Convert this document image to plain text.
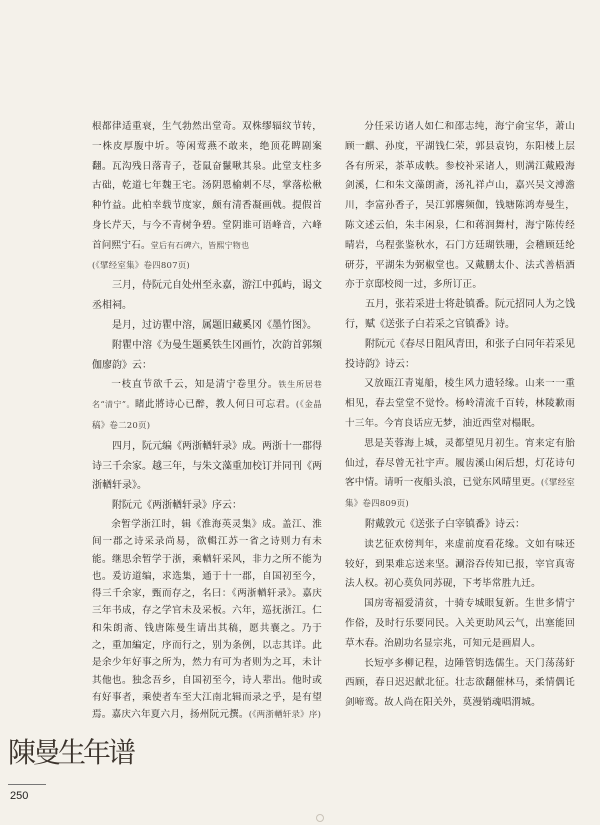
根都律适重衰，生气勃然出堂奇。双株缪辐纹节转，一株皮厚腹中圻。等闲莺燕不敢来，绝顶花睥剧案翻。瓦沟残日落青子，苍鼠奋鬣啾其泉。此堂支柱多古础，乾道七年魏王宅。汤阴恩榆刺不尽，掌落松楸种竹益。此柏幸载节度家，颇有清香凝画戟。提假首身长芹天，与今不青树争碧。堂阴谁可语峰音，六峰首问熙宁石。堂后有石碑六，皆熙宁物也

(《揅经室集》卷四807页)

三月，侍阮元自处州至永嘉，游江中孤屿，谒文丞相祠。

是月，过访瞿中溶，属题旧藏奚冈《墨竹图》。

附瞿中溶《为曼生题奚铁生冈画竹，次韵首郭频伽廖韵》云：

一枝直节欲千云，知是清宁卷里分。铁生所居巷名“清宁”。睹此將诗心已醉，教人何日可忘君。(《金晶稿》卷二20页)

四月，阮元编《两浙輶轩录》成。两浙十一郡得诗三千余家。越三年，与朱文藻重加校订并同刊《两浙輶轩录》。

附阮元《两浙輶轩录》序云：

余暂学浙江时，辑《淮海英灵集》成。盖江、淮间一郡之诗采录尚易，欲輯江苏一省之诗则力有未能。继思余暂学于浙，乘輶轩采风，非力之所不能为也。爰访道编，求选集，通于十一郡，自国初至今，得三千余家，甄而存之，名曰：《两浙輶轩录》。嘉庆三年书成，存之学官未及采板。六年，巡抚浙江。仁和朱朗斋、钱唐陈曼生请出其稿，愿共襄之。乃于之，重加編定，序而行之，别为条例，以志其详。此是余少年好事之所为，然力有可为者则为之耳，未计其他也。独念吾乡，自国初至今，诗人辈出。他时或有好事者，乘使者车至大江南北辑而录之乎，是有望焉。嘉庆六年夏六月，扬州阮元撰。(《两浙輶轩录》序)

分任采访诸人如仁和邵志纯，海宁俞宝华，萧山顾一麒、孙度，平湖钱仁荣，郭县袁钧，东阳楼上层各有所采，茶革成帙。参校补采诸人，则满江戴殿海剑溪，仁和朱文藻朗斋，汤礼祥卢山，嘉兴吴文溥澹川，李富孙香子，吴江郭麐频伽，钱塘陈鸿寿曼生，陈文述云伯，朱丰闲泉，仁和蒋润舞村，海宁陈传经晴岩，乌程张鉴秋水，石门方廷瑚铁珊，会稽顾廷纶研芬，平湖朱为弼椒堂也。又戴鹏太仆、法式善梧酒亦于京邸校阅一过，多所订正。

五月，张若采进士将赴镇番。阮元招同人为之饯行，赋《送张子白若采之官镇番》诗。

附阮元《春尽日阻风青田，和张子白同年若采见投诗韵》诗云：

又放瓯江青嵬船，棱生风力遗轻缘。山来一一重相见，春去堂堂不觉怜。杨岭清流千百转，林陵歉雨十三年。今宵良话应无梦，油近西堂对榻眠。

思是芙蓉海上城，灵都望见月初生。宵来定有胎仙过，春尽曾无社宇声。履齿溪山闲后想，灯花诗句客中情。请听一夜船头浪，已觉东风晴里更。(《揅经室集》卷四809页)

附戴敦元《送张子白宰镇番》诗云：

读艺征欢傍判年，来虚前度看花缘。文如有味还较好，到果难忘送来坚。涮浴吞传知已报，宰官真寄法人权。初心莫负同苏砚，下考毕常胜九迁。

国房寄褔爱清贫，十骑专城眼复新。生世多情宁作俗，及时行乐要同民。入关更助风云气，出塞能回草木春。治剧功名显宗兆，可知元是画眉人。

长短亭多柳记程，边陲管钥选儒生。天门荡荡紆西顾，春日迟迟献北征。壮志欲翻催林马，柔情偶讬剑啼鸾。故人尚在阳关外，莫漫销魂唱渭城。

陳曼生年谱
250
